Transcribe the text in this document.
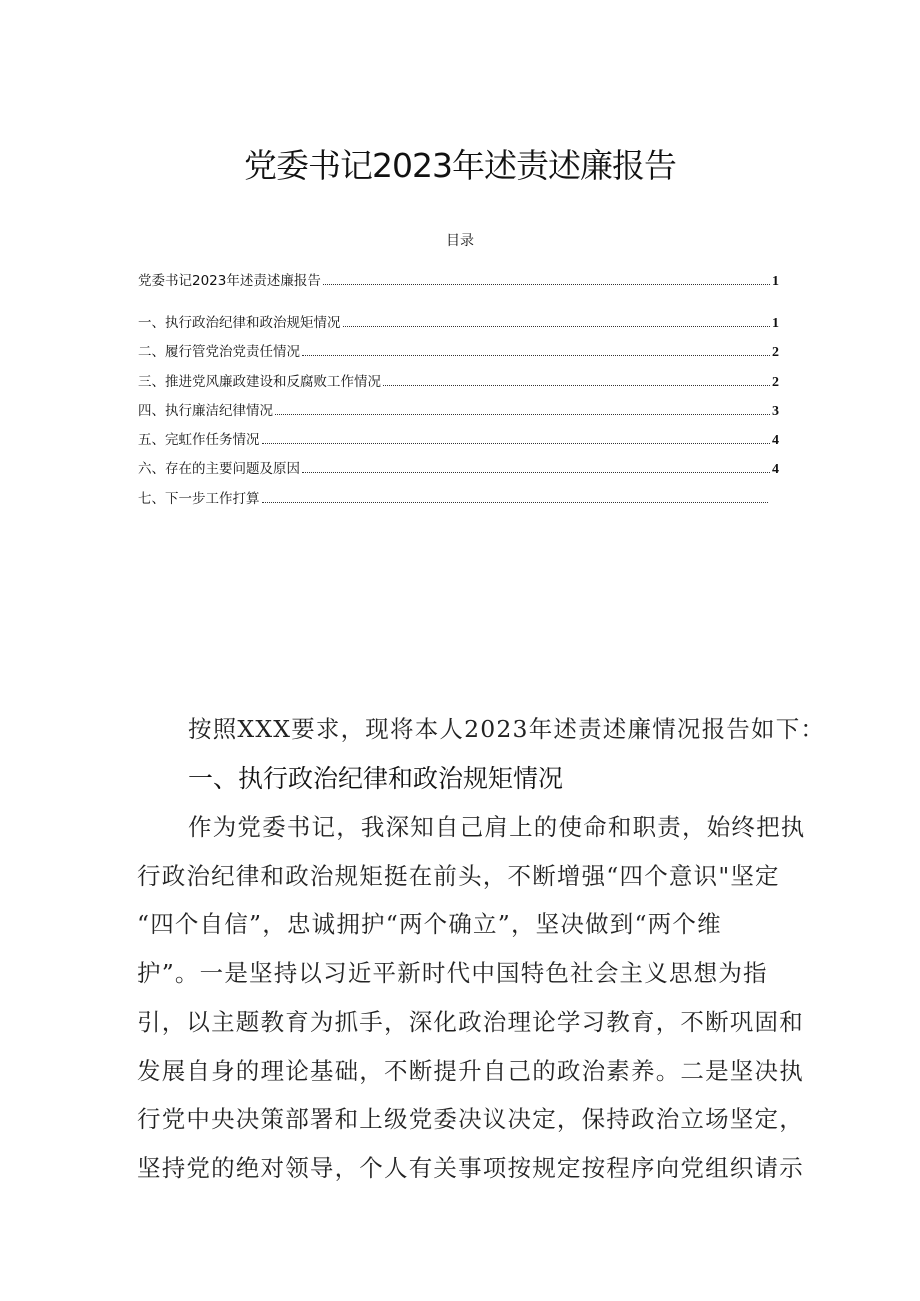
党委书记2023年述责述廉报告
目录
党委书记2023年述责述廉报告	1
一、执行政治纪律和政治规矩情况	1
二、履行管党治党责任情况	2
三、推进党风廉政建设和反腐败工作情况	2
四、执行廉洁纪律情况	3
五、完虹作任务情况	4
六、存在的主要问题及原因	4
七、下一步工作打算
按照XXX要求，现将本人2023年述责述廉情况报告如下：
一、执行政治纪律和政治规矩情况
作为党委书记，我深知自己肩上的使命和职责，始终把执
行政治纪律和政治规矩挺在前头，不断增强“四个意识"坚定
“四个自信”，忠诚拥护“两个确立”，坚决做到“两个维
护”。一是坚持以习近平新时代中国特色社会主义思想为指
引，以主题教育为抓手，深化政治理论学习教育，不断巩固和
发展自身的理论基础，不断提升自己的政治素养。二是坚决执
行党中央决策部署和上级党委决议决定，保持政治立场坚定，
坚持党的绝对领导，个人有关事项按规定按程序向党组织请示
